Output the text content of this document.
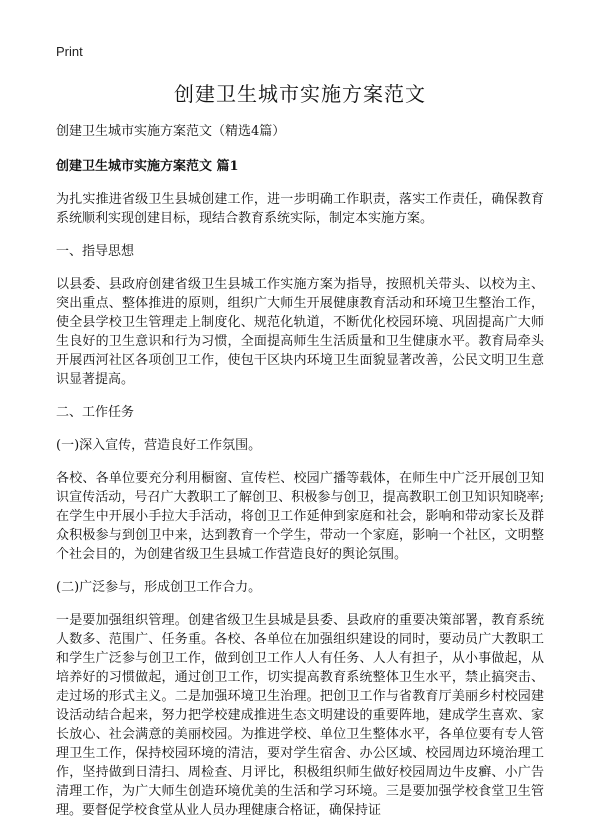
Print
创建卫生城市实施方案范文

创建卫生城市实施方案范文（精选4篇）

创建卫生城市实施方案范文 篇1

为扎实推进省级卫生县城创建工作，进一步明确工作职责，落实工作责任，确保教育系统顺利实现创建目标，现结合教育系统实际，制定本实施方案。

一、指导思想

以县委、县政府创建省级卫生县城工作实施方案为指导，按照机关带头、以校为主、突出重点、整体推进的原则，组织广大师生开展健康教育活动和环境卫生整治工作，使全县学校卫生管理走上制度化、规范化轨道，不断优化校园环境、巩固提高广大师生良好的卫生意识和行为习惯，全面提高师生生活质量和卫生健康水平。教育局牵头开展西河社区各项创卫工作，使包干区块内环境卫生面貌显著改善，公民文明卫生意识显著提高。

二、工作任务

(一)深入宣传，营造良好工作氛围。

各校、各单位要充分利用橱窗、宣传栏、校园广播等载体，在师生中广泛开展创卫知识宣传活动，号召广大教职工了解创卫、积极参与创卫，提高教职工创卫知识知晓率;在学生中开展小手拉大手活动，将创卫工作延伸到家庭和社会，影响和带动家长及群众积极参与到创卫中来，达到教育一个学生，带动一个家庭，影响一个社区，文明整个社会目的，为创建省级卫生县城工作营造良好的舆论氛围。

(二)广泛参与，形成创卫工作合力。

一是要加强组织管理。创建省级卫生县城是县委、县政府的重要决策部署，教育系统人数多、范围广、任务重。各校、各单位在加强组织建设的同时，要动员广大教职工和学生广泛参与创卫工作，做到创卫工作人人有任务、人人有担子，从小事做起，从培养好的习惯做起，通过创卫工作，切实提高教育系统整体卫生水平，禁止搞突击、走过场的形式主义。二是加强环境卫生治理。把创卫工作与省教育厅美丽乡村校园建设活动结合起来，努力把学校建成推进生态文明建设的重要阵地，建成学生喜欢、家长放心、社会满意的美丽校园。为推进学校、单位卫生整体水平，各单位要有专人管理卫生工作，保持校园环境的清洁，要对学生宿舍、办公区域、校园周边环境治理工作，坚持做到日清扫、周检查、月评比，积极组织师生做好校园周边牛皮癣、小广告清理工作，为广大师生创造环境优美的生活和学习环境。三是要加强学校食堂卫生管理。要督促学校食堂从业人员办理健康合格证，确保持证
